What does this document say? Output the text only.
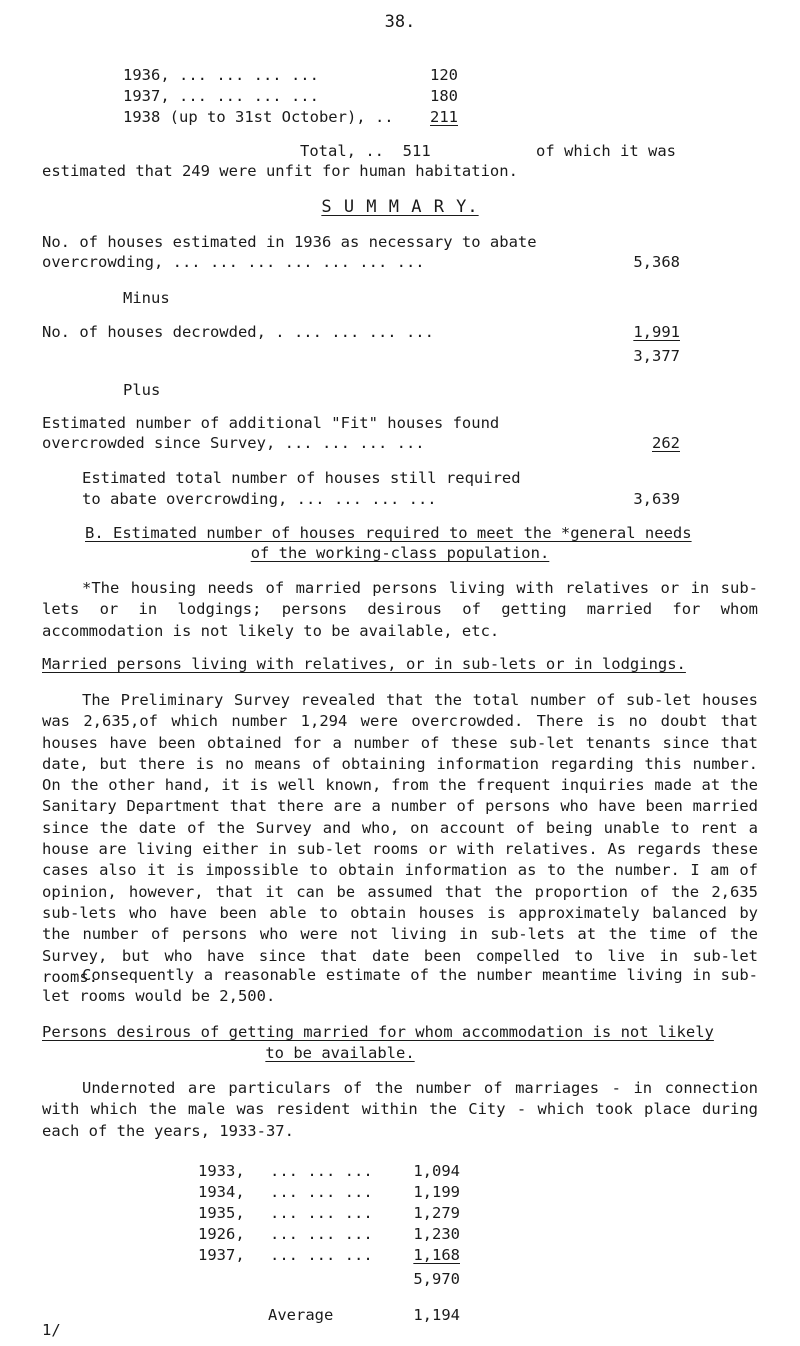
38.
1936, ... ... ... ...	120
1937, ... ... ... ...	180
1938 (up to 31st October), .. 211
Total, ..  511	of which it was
estimated that 249 were unfit for human habitation.
S U M M A R Y.
No. of houses estimated in 1936 as necessary to abate
overcrowding, ... ... ... ... ... ... ...	5,368
Minus
No. of houses decrowded, . ... ... ... ...	1,991
3,377
Plus
Estimated number of additional "Fit" houses found
overcrowded since Survey, ... ... ... ...	262
Estimated total number of houses still required
to abate overcrowding, ... ... ... ...	3,639
B. Estimated number of houses required to meet the *general needs
of the working-class population.
*The housing needs of married persons living with relatives or in sub-lets or in lodgings; persons desirous of getting married for whom accommodation is not likely to be available, etc.
Married persons living with relatives, or in sub-lets or in lodgings.
The Preliminary Survey revealed that the total number of sub-let houses was 2,635,of which number 1,294 were overcrowded. There is no doubt that houses have been obtained for a number of these sub-let tenants since that date, but there is no means of obtaining information regarding this number. On the other hand, it is well known, from the frequent inquiries made at the Sanitary Department that there are a number of persons who have been married since the date of the Survey and who, on account of being unable to rent a house are living either in sub-let rooms or with relatives. As regards these cases also it is impossible to obtain information as to the number. I am of opinion, however, that it can be assumed that the proportion of the 2,635 sub-lets who have been able to obtain houses is approximately balanced by the number of persons who were not living in sub-lets at the time of the Survey, but who have since that date been compelled to live in sub-let rooms.
Consequently a reasonable estimate of the number meantime living in sub-let rooms would be 2,500.
Persons desirous of getting married for whom accommodation is not likely
to be available.
Undernoted are particulars of the number of marriages - in connection with which the male was resident within the City - which took place during each of the years, 1933-37.
1933, ... ... ...	1,094
1934, ... ... ...	1,199
1935, ... ... ...	1,279
1926, ... ... ...	1,230
1937, ... ... ...	1,168
5,970
Average	1,194
1/
